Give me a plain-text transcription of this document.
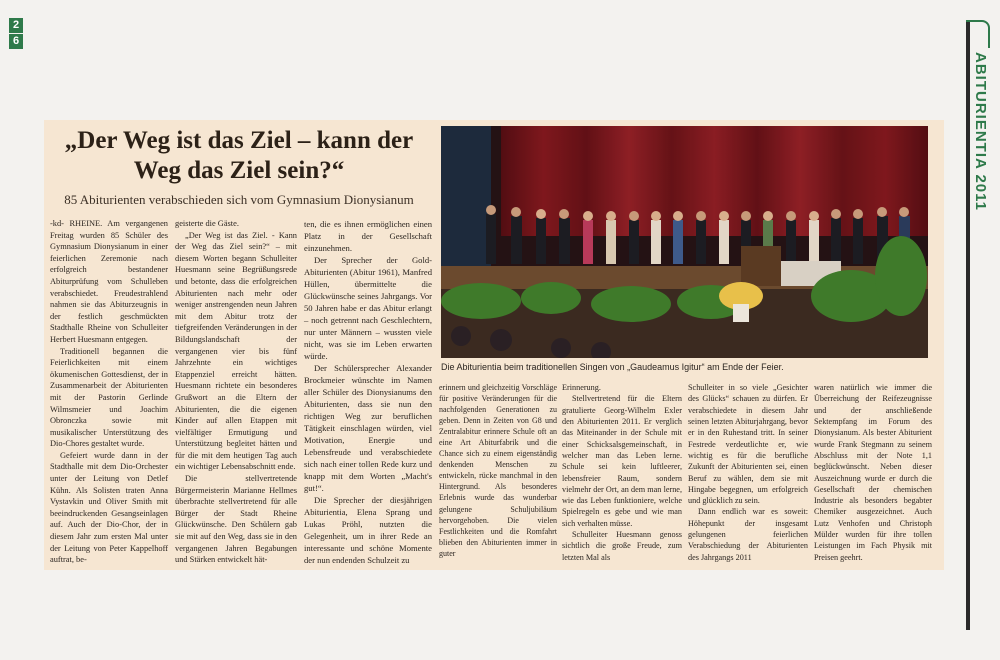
2
6
ABITURIENTIA 2011
„Der Weg ist das Ziel – kann der Weg das Ziel sein?“
85 Abiturienten verabschieden sich vom Gymnasium Dionysianum
Die Abiturientia beim traditionellen Singen von „Gaudeamus Igitur“ am Ende der Feier.

-kd- RHEINE. Am vergangenen Freitag wurden 85 Schüler des Gymnasium Dionysianum in einer feierlichen Zeremonie nach erfolgreich bestandener Abiturprüfung vom Schulleben verabschiedet. Freudestrahlend nahmen sie das Abiturzeugnis in der festlich geschmückten Stadthalle Rheine von Schulleiter Herbert Huesmann entgegen.

Traditionell begannen die Feierlichkeiten mit einem ökumenischen Gottesdienst, der in Zusammenarbeit der Abiturienten mit der Pastorin Gerlinde Wilmsmeier und Joachim Obronczka sowie mit musikalischer Unterstützung des Dio-Chores gestaltet wurde.

Gefeiert wurde dann in der Stadthalle mit dem Dio-Orchester unter der Leitung von Detlef Kühn. Als Solisten traten Anna Vystavkin und Oliver Smith mit beeindruckenden Gesangseinlagen auf. Auch der Dio-Chor, der in diesem Jahr zum ersten Mal unter der Leitung von Peter Kappelhoff auftrat, be-

geisterte die Gäste.

„Der Weg ist das Ziel. - Kann der Weg das Ziel sein?“ – mit diesem Worten begann Schulleiter Huesmann seine Begrüßungsrede und betonte, dass die erfolgreichen Abiturienten nach mehr oder weniger anstrengenden neun Jahren mit dem Abitur trotz der tiefgreifenden Veränderungen in der Bildungslandschaft der vergangenen vier bis fünf Jahrzehnte ein wichtiges Etappenziel erreicht hätten. Huesmann richtete ein besonderes Grußwort an die Eltern der Abiturienten, die die eigenen Kinder auf allen Etappen mit vielfältiger Ermutigung und Unterstützung begleitet hätten und für die mit dem heutigen Tag auch ein wichtiger Lebensabschnitt ende.

Die stellvertretende Bürgermeisterin Marianne Hellmes überbrachte stellvertretend für alle Bürger der Stadt Rheine Glückwünsche. Den Schülern gab sie mit auf den Weg, dass sie in den vergangenen Jahren Begabungen und Stärken entwickelt hät-

ten, die es ihnen ermöglichen einen Platz in der Gesellschaft einzunehmen.

Der Sprecher der Gold-Abiturienten (Abitur 1961), Manfred Hüllen, übermittelte die Glückwünsche seines Jahrgangs. Vor 50 Jahren habe er das Abitur erlangt – noch getrennt nach Geschlechtern, nur unter Männern – wussten viele nicht, was sie im Leben erwarten würde.

Der Schülersprecher Alexander Brockmeier wünschte im Namen aller Schüler des Dionysianums den Abiturienten, dass sie nun den richtigen Weg zur beruflichen Tätigkeit einschlagen würden, viel Motivation, Energie und Lebensfreude und verabschiedete sich nach einer tollen Rede kurz und knapp mit dem Worten „Macht's gut!“.

Die Sprecher der diesjährigen Abiturientia, Elena Sprang und Lukas Pröhl, nutzten die Gelegenheit, um in ihrer Rede an interessante und schöne Momente der nun endenden Schulzeit zu

erinnern und gleichzeitig Vorschläge für positive Veränderungen für die nachfolgenden Generationen zu geben. Denn in Zeiten von G8 und Zentralabitur erinnere Schule oft an eine Art Abiturfabrik und die Chance sich zu einem eigenständig denkenden Menschen zu entwickeln, rücke manchmal in den Hintergrund. Als besonderes Erlebnis wurde das wunderbar gelungene Schuljubiläum hervorgehoben. Die vielen Festlichkeiten und die Romfahrt blieben den Abiturienten immer in guter

Erinnerung.

Stellvertretend für die Eltern gratulierte Georg-Wilhelm Exler den Abiturienten 2011. Er verglich das Miteinander in der Schule mit einer Schicksalsgemeinschaft, in welcher man das Leben lerne. Schule sei kein luftleerer, lebensfreier Raum, sondern vielmehr der Ort, an dem man lerne, wie das Leben funktioniere, welche Spielregeln es gebe und wie man sich verhalten müsse.

Schulleiter Huesmann genoss sichtlich die große Freude, zum letzten Mal als

Schulleiter in so viele „Gesichter des Glücks“ schauen zu dürfen. Er verabschiedete in diesem Jahr seinen letzten Abiturjahrgang, bevor er in den Ruhestand tritt. In seiner Festrede verdeutlichte er, wie wichtig es für die berufliche Zukunft der Abiturienten sei, einen Beruf zu wählen, dem sie mit Hingabe begegnen, um erfolgreich und glücklich zu sein.

Dann endlich war es soweit: Höhepunkt der insgesamt gelungenen feierlichen Verabschiedung der Abiturienten des Jahrgangs 2011

waren natürlich wie immer die Überreichung der Reifezeugnisse und der anschließende Sektempfang im Forum des Dionysianum. Als bester Abiturient wurde Frank Stegmann zu seinem Abschluss mit der Note 1,1 beglückwünscht. Neben dieser Auszeichnung wurde er durch die Gesellschaft der chemischen Industrie als besonders begabter Chemiker ausgezeichnet. Auch Lutz Venhofen und Christoph Mülder wurden für ihre tollen Leistungen im Fach Physik mit Preisen geehrt.
